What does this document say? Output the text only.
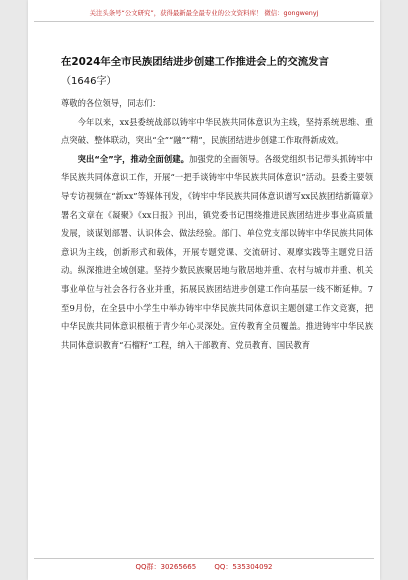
关注头条号“公文研究”，获得最新最全最专业的公文资料库！ 微信：gongwenyj
在2024年全市民族团结进步创建工作推进会上的交流发言
（1646字）

尊敬的各位领导，同志们：

今年以来，xx县委统战部以铸牢中华民族共同体意识为主线，坚持系统思维、重点突破、整体联动，突出“全”“融”“精”，民族团结进步创建工作取得新成效。

突出“全”字，推动全面创建。加强党的全面领导。各级党组织书记带头抓铸牢中华民族共同体意识工作，开展“一把手谈铸牢中华民族共同体意识”活动。县委主要领导专访视频在“新xx”等媒体刊发，《铸牢中华民族共同体意识谱写xx民族团结新篇章》署名文章在《凝聚》《xx日报》刊出，镇党委书记围绕推进民族团结进步事业高质量发展，谈谋划部署、认识体会、做法经验。部门、单位党支部以铸牢中华民族共同体意识为主线，创新形式和载体，开展专题党课、交流研讨、观摩实践等主题党日活动。纵深推进全域创建。坚持少数民族聚居地与散居地并重、农村与城市并重、机关事业单位与社会各行各业并重，拓展民族团结进步创建工作向基层一线不断延伸。7至9月份，在全县中小学生中举办铸牢中华民族共同体意识主题创建工作文竞赛，把中华民族共同体意识根植于青少年心灵深处。宣传教育全员覆盖。推进铸牢中华民族共同体意识教育“石榴籽”工程，纳入干部教育、党员教育、国民教育

QQ群：30265665	QQ：535304092
